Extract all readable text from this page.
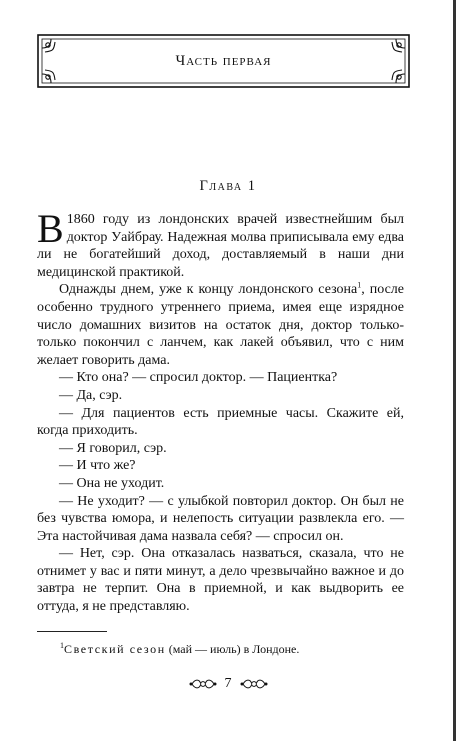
Часть первая
Глава 1

В 1860 году из лондонских врачей известнейшим был доктор Уайбрау. Надежная молва приписывала ему едва ли не богатейший доход, доставляемый в наши дни медицинской практикой.

Однажды днем, уже к концу лондонского сезона$^1$, после особенно трудного утреннего приема, имея еще изрядное число домашних визитов на остаток дня, доктор только-только покончил с ланчем, как лакей объявил, что с ним желает говорить дама.

— Кто она? — спросил доктор. — Пациентка?

— Да, сэр.

— Для пациентов есть приемные часы. Скажите ей, когда приходить.

— Я говорил, сэр.

— И что же?

— Она не уходит.

— Не уходит? — с улыбкой повторил доктор. Он был не без чувства юмора, и нелепость ситуации развлекла его. — Эта настойчивая дама назвала себя? — спросил он.

— Нет, сэр. Она отказалась назваться, сказала, что не отнимет у вас и пяти минут, а дело чрезвычайно важное и до завтра не терпит. Она в приемной, и как выдворить ее оттуда, я не представляю.

$^1$Светский сезон (май — июль) в Лондоне.
7
